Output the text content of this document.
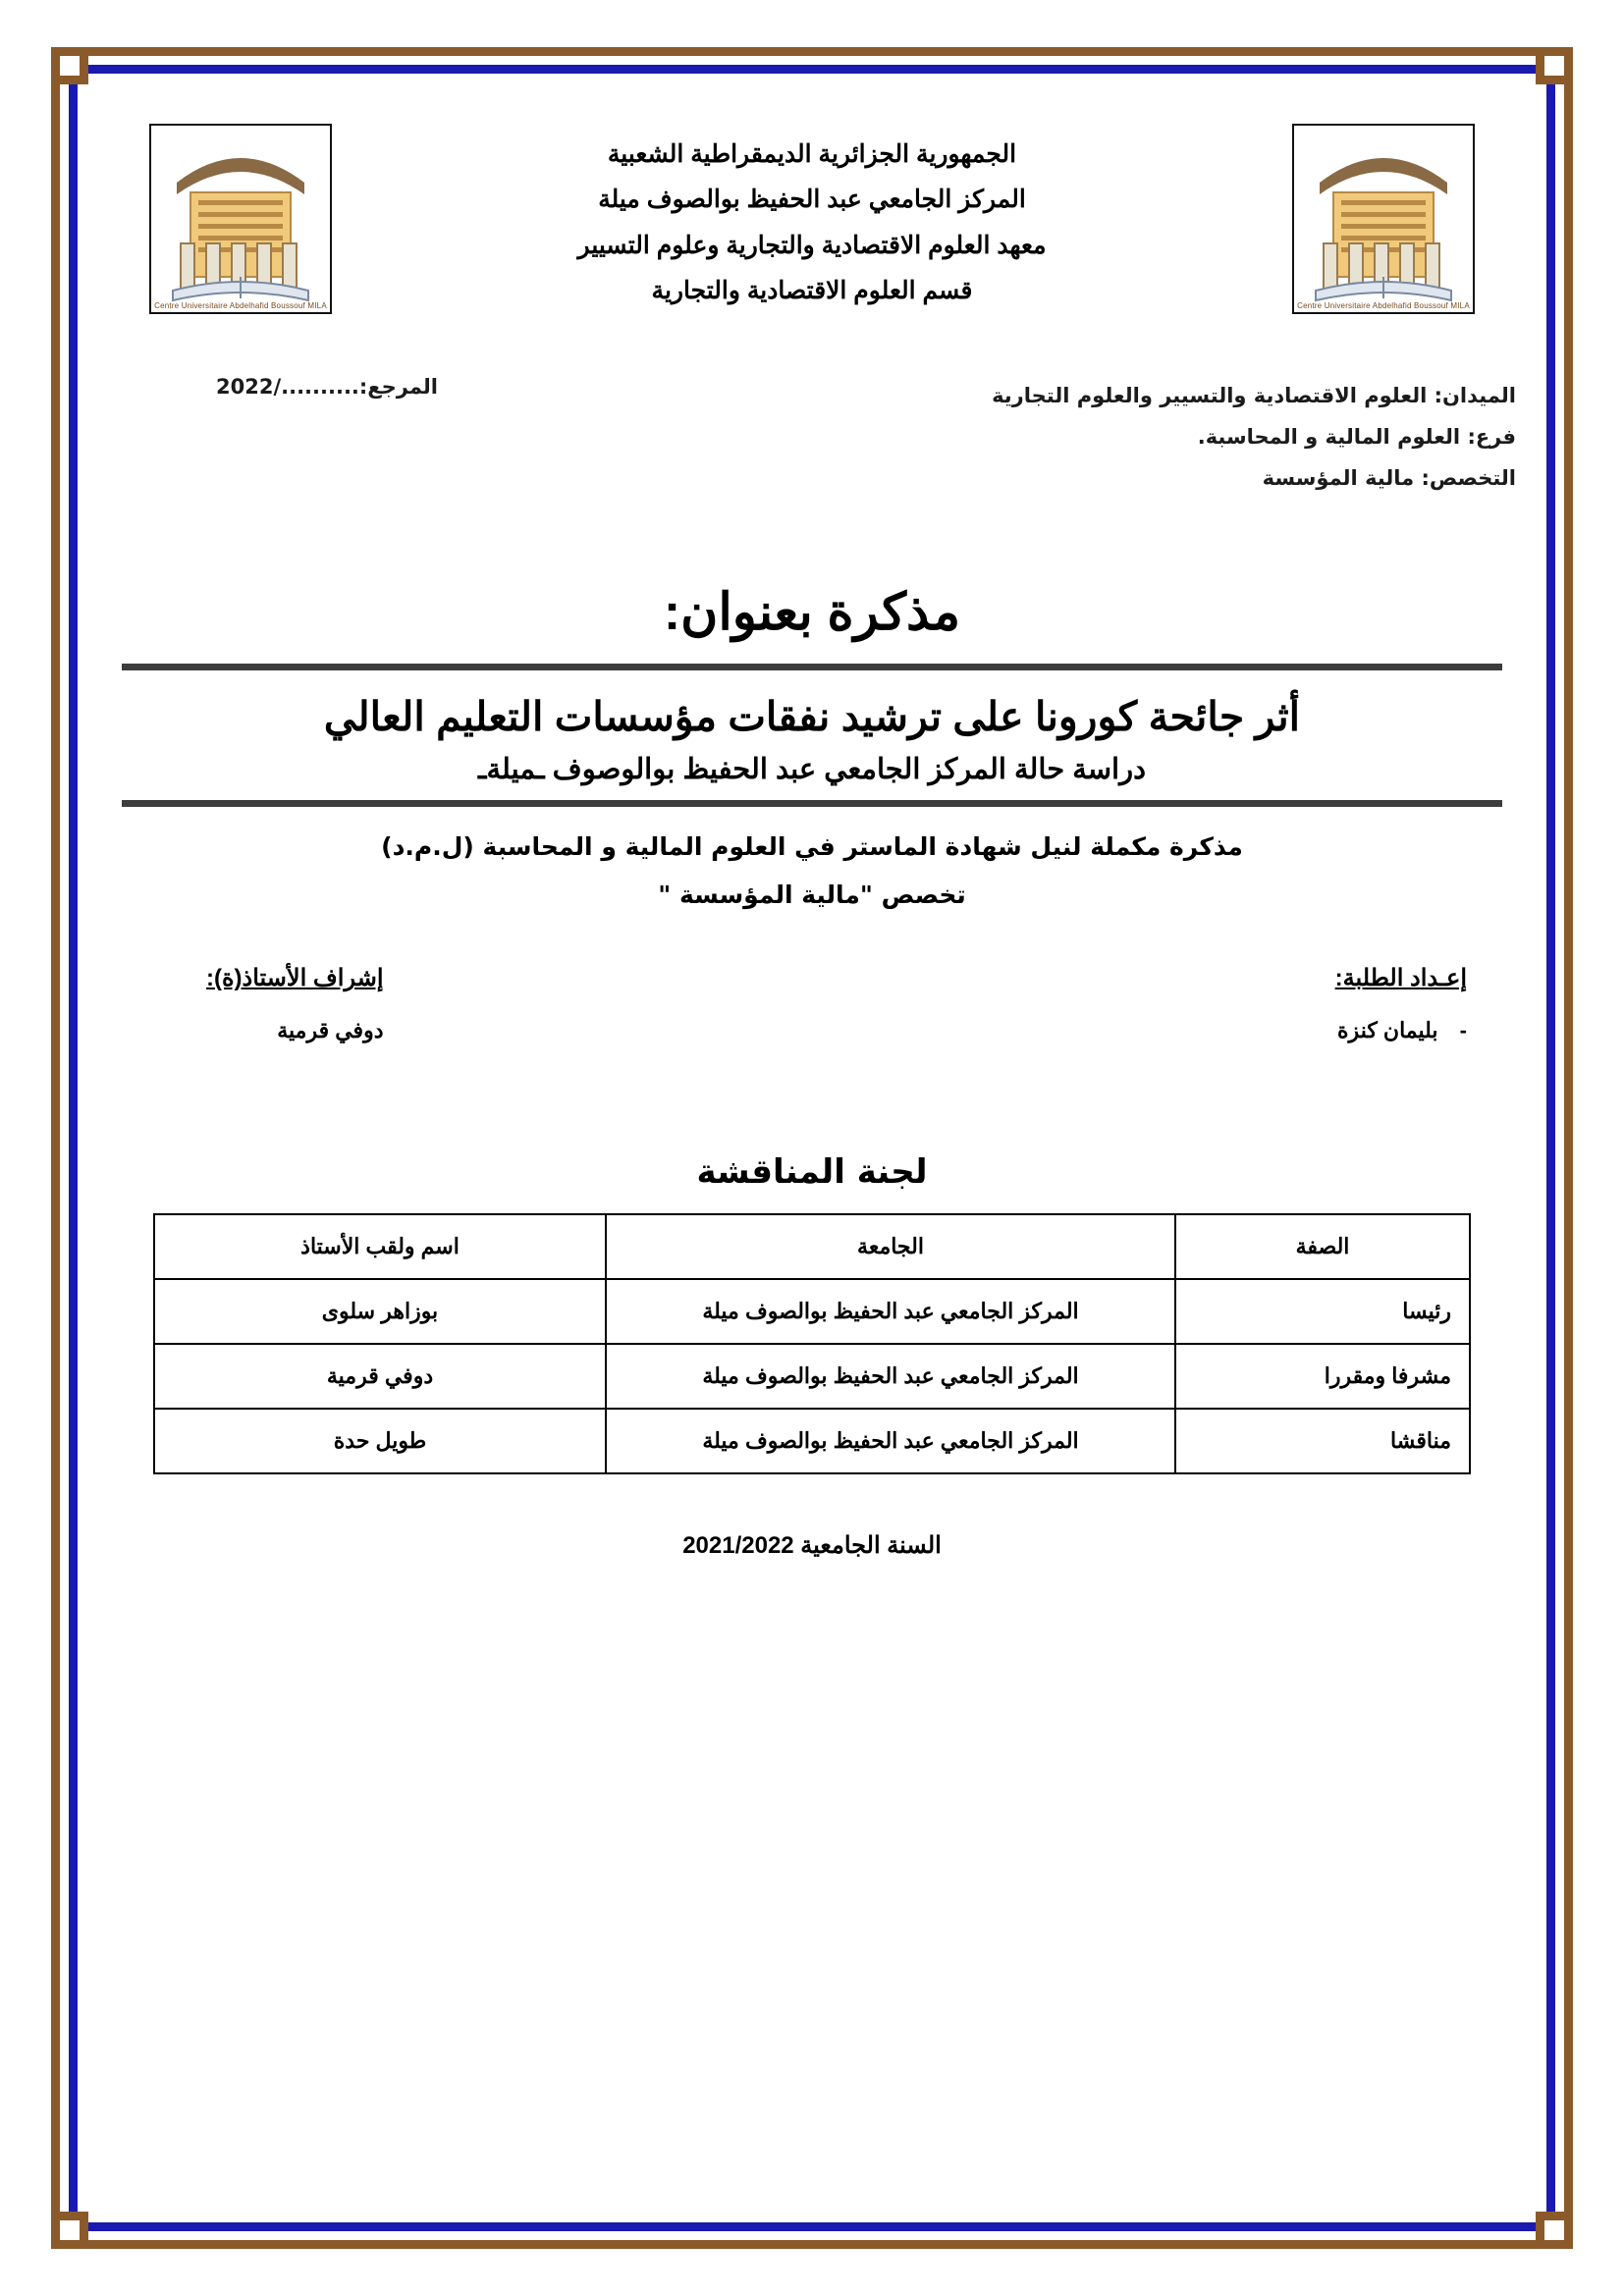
Centre Universitaire Abdelhafid Boussouf MILA
Centre Universitaire Abdelhafid Boussouf MILA
الجمهورية الجزائرية الديمقراطية الشعبية
المركز الجامعي عبد الحفيظ بوالصوف ميلة
معهد العلوم الاقتصادية والتجارية وعلوم التسيير
قسم العلوم الاقتصادية والتجارية
الميدان: العلوم الاقتصادية والتسيير والعلوم التجارية
فرع: العلوم المالية و المحاسبة.
التخصص: مالية المؤسسة
المرجع:........../2022
مذكرة بعنوان:
أثر جائحة كورونا على ترشيد نفقات مؤسسات التعليم العالي
دراسة حالة المركز الجامعي عبد الحفيظ بوالوصوف ـميلةـ
مذكرة مكملة لنيل شهادة الماستر في العلوم المالية و المحاسبة (ل.م.د)
تخصص "مالية المؤسسة "
إعـداد الطلبة:
- بليمان كنزة
إشراف الأستاذ(ة):
دوفي قرمية
لجنة المناقشة
الصفة	الجامعة	اسم ولقب الأستاذ
رئيسا	المركز الجامعي عبد الحفيظ بوالصوف ميلة	بوزاهر سلوى
مشرفا ومقررا	المركز الجامعي عبد الحفيظ بوالصوف ميلة	دوفي قرمية
مناقشا	المركز الجامعي عبد الحفيظ بوالصوف ميلة	طويل حدة
السنة الجامعية 2021/2022
